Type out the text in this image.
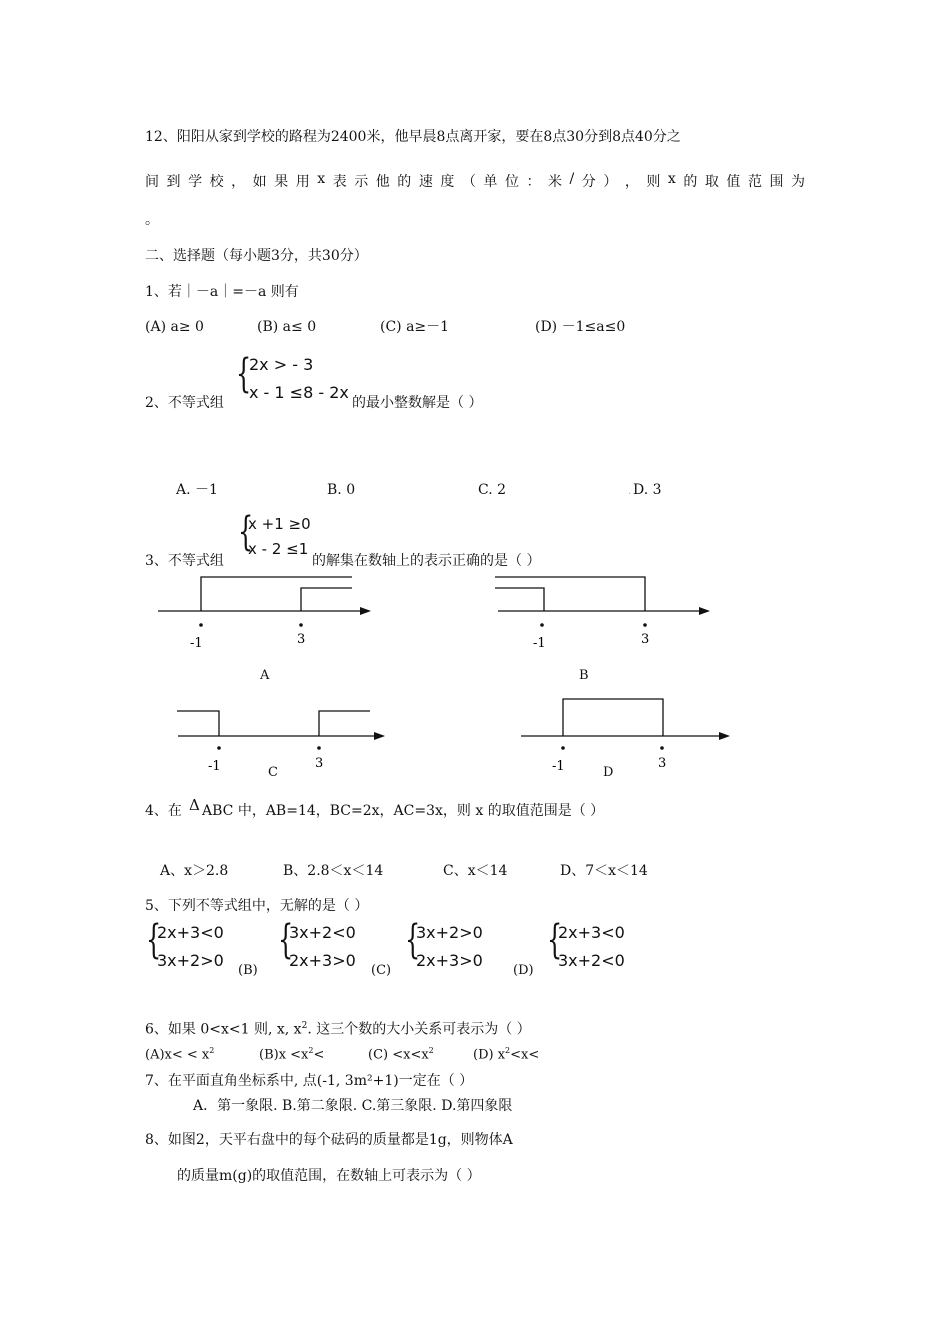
12、阳阳从家到学校的路程为2400米，他早晨8点离开家，要在8点30分到8点40分之
间 到 学 校 ， 如 果 用 x 表 示 他 的 速 度 （ 单 位 ： 米 / 分 ） ， 则 x 的 取 值 范 围 为
。
二、选择题（每小题3分，共30分）
1、若｜－a｜=－a 则有
(A) a≥ 0	(B) a≤ 0	(C) a≥－1	(D) －1≤a≤0
2、不等式组
{
2x > - 3
x - 1 ≤8 - 2x
的最小整数解是（ ）
A. －1	B. 0	C. 2	. D. 3
{
x +1 ≥0
x - 2 ≤1
3、不等式组	的解集在数轴上的表示正确的是（ ）
-1	3
A
-1	3
B
-1	3
C	-1	3
D
4、在 Δ ABC 中，AB=14，BC=2x，AC=3x，则 x 的取值范围是（ ）
A、x＞2.8	B、2.8＜x＜14	C、x＜14	D、7＜x＜14
5、下列不等式组中，无解的是（ ）
{
2x+3<0
3x+2>0
(B)
{
3x+2<0
2x+3>0
(C)
{
3x+2>0
2x+3>0
(D)
{
2x+3<0
3x+2<0
6、如果 0<x<1 则, x, $x^2$. 这三个数的大小关系可表示为（ ）
$(A)x< < x^2$	$(B)x <x^2<$	$(C) <x<x^2$	(D) $x^2<x<$
7、在平面直角坐标系中, 点(-1, 3m²+1)一定在（ ）
A．第一象限. B.第二象限. C.第三象限. D.第四象限
8、如图2，天平右盘中的每个砝码的质量都是1g，则物体A
的质量m(g)的取值范围，在数轴上可表示为（ ）
